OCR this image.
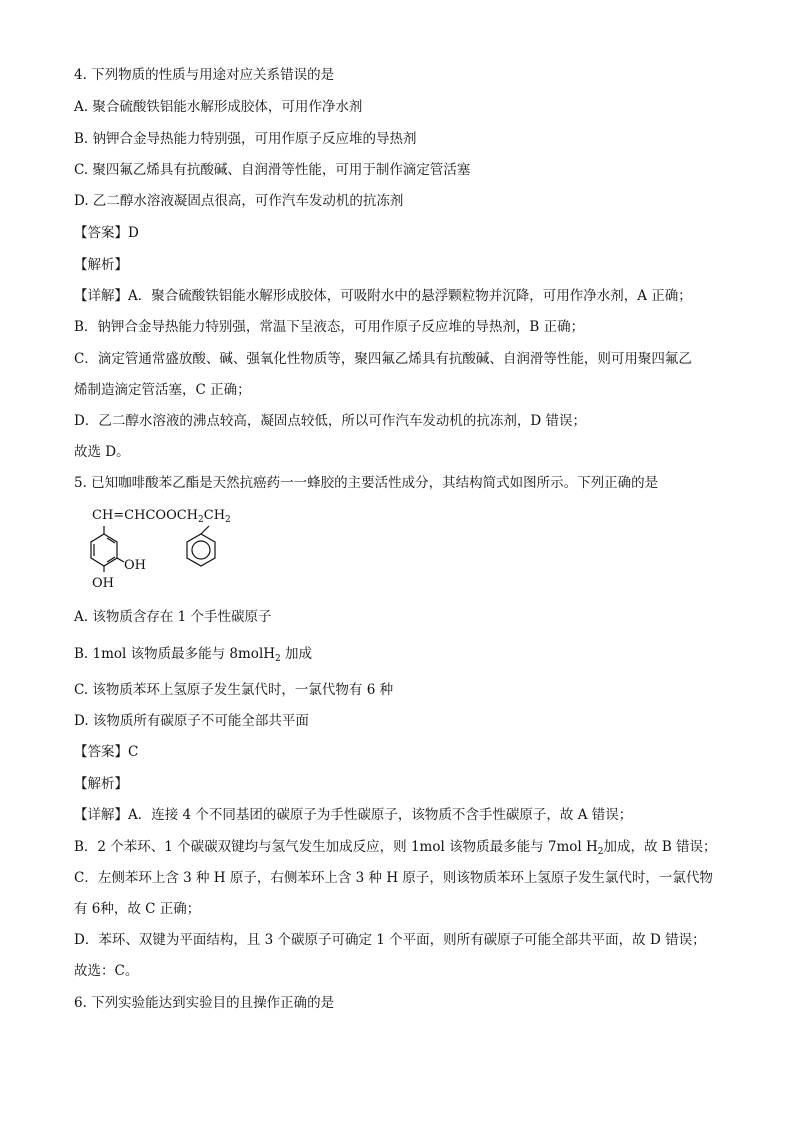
4. 下列物质的性质与用途对应关系错误的是
A. 聚合硫酸铁铝能水解形成胶体，可用作净水剂
B. 钠钾合金导热能力特别强，可用作原子反应堆的导热剂
C. 聚四氟乙烯具有抗酸碱、自润滑等性能，可用于制作滴定管活塞
D. 乙二醇水溶液凝固点很高，可作汽车发动机的抗冻剂
【答案】D
【解析】
【详解】A．聚合硫酸铁铝能水解形成胶体，可吸附水中的悬浮颗粒物并沉降，可用作净水剂，A 正确；
B．钠钾合金导热能力特别强，常温下呈液态，可用作原子反应堆的导热剂，B 正确；
C．滴定管通常盛放酸、碱、强氧化性物质等，聚四氟乙烯具有抗酸碱、自润滑等性能，则可用聚四氟乙
烯制造滴定管活塞，C 正确；
D．乙二醇水溶液的沸点较高，凝固点较低，所以可作汽车发动机的抗冻剂，D 错误；
故选 D。
5. 已知咖啡酸苯乙酯是天然抗癌药一一蜂胶的主要活性成分，其结构简式如图所示。下列正确的是
$CH=CHCOOCH_2CH_2$
OH
OH
A. 该物质含存在 1 个手性碳原子
B. 1mol 该物质最多能与 8molH$_2$ 加成
C. 该物质苯环上氢原子发生氯代时，一氯代物有 6 种
D. 该物质所有碳原子不可能全部共平面
【答案】C
【解析】
【详解】A．连接 4 个不同基团的碳原子为手性碳原子，该物质不含手性碳原子，故 A 错误；
B．2 个苯环、1 个碳碳双键均与氢气发生加成反应，则 1mol 该物质最多能与 7mol $H_2$加成，故 B 错误；
C．左侧苯环上含 3 种 H 原子，右侧苯环上含 3 种 H 原子，则该物质苯环上氢原子发生氯代时，一氯代物
有 6种，故 C 正确；
D．苯环、双键为平面结构，且 3 个碳原子可确定 1 个平面，则所有碳原子可能全部共平面，故 D 错误；
故选：C。
6. 下列实验能达到实验目的且操作正确的是
